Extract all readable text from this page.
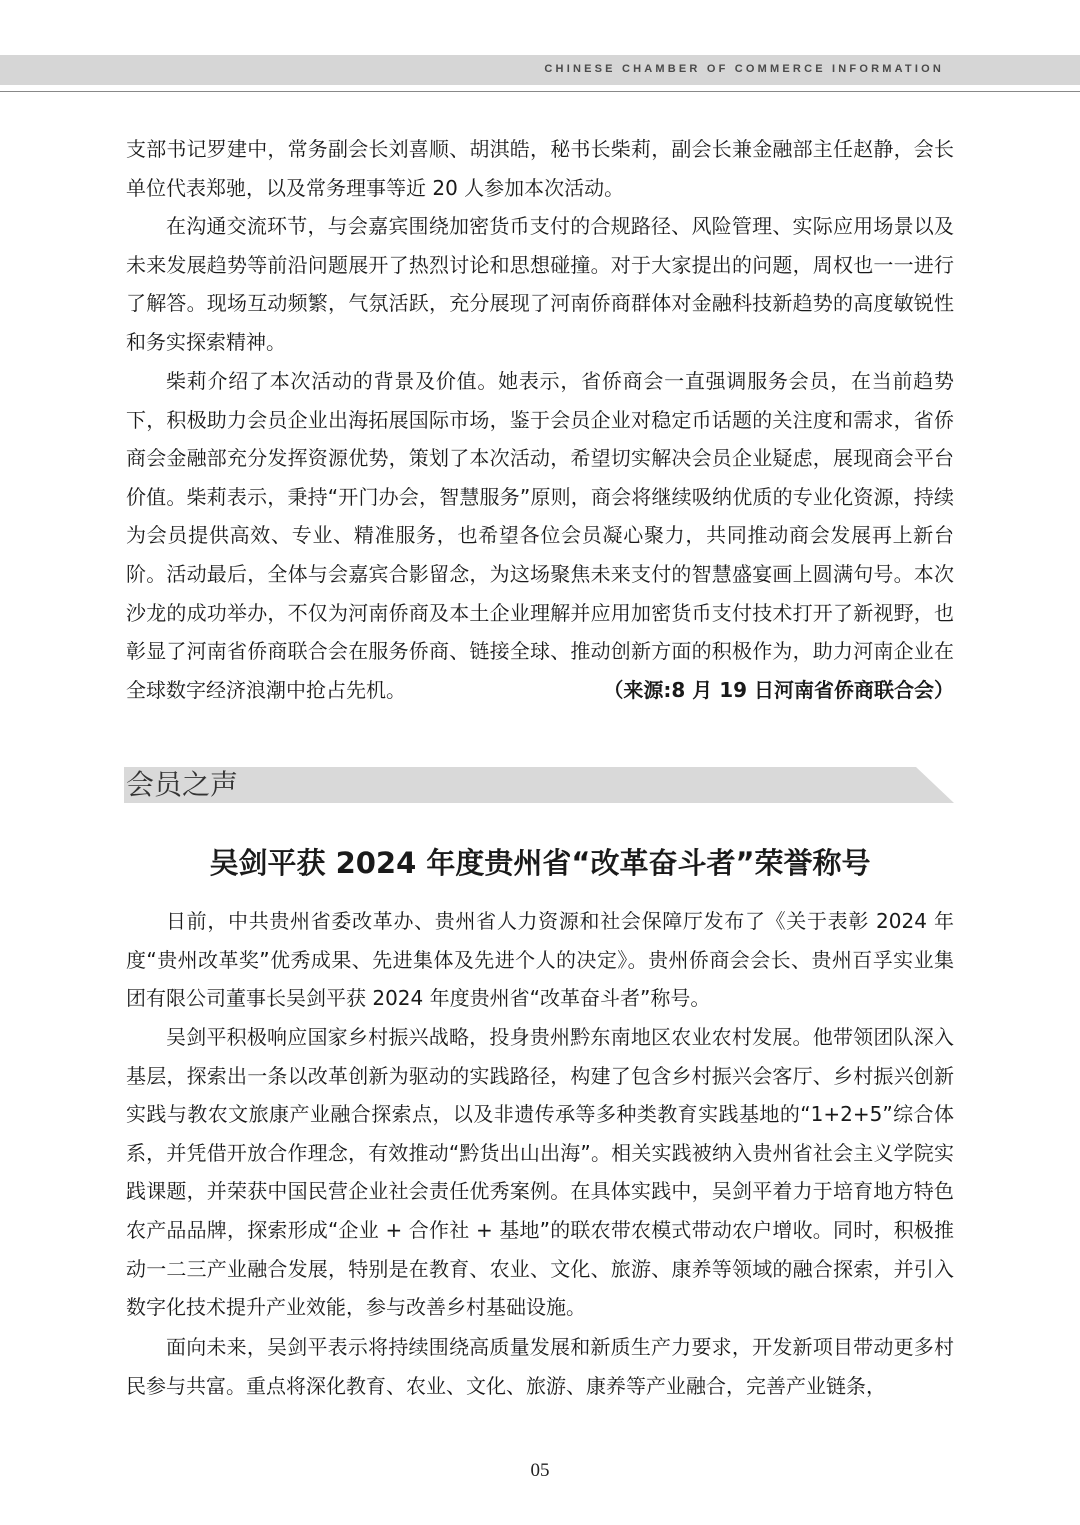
CHINESE CHAMBER OF COMMERCE INFORMATION

支部书记罗建中，常务副会长刘喜顺、胡淇皓，秘书长柴莉，副会长兼金融部主任赵静，会长单位代表郑驰，以及常务理事等近 20 人参加本次活动。

在沟通交流环节，与会嘉宾围绕加密货币支付的合规路径、风险管理、实际应用场景以及未来发展趋势等前沿问题展开了热烈讨论和思想碰撞。对于大家提出的问题，周权也一一进行了解答。现场互动频繁，气氛活跃，充分展现了河南侨商群体对金融科技新趋势的高度敏锐性和务实探索精神。

柴莉介绍了本次活动的背景及价值。她表示，省侨商会一直强调服务会员，在当前趋势下，积极助力会员企业出海拓展国际市场，鉴于会员企业对稳定币话题的关注度和需求，省侨商会金融部充分发挥资源优势，策划了本次活动，希望切实解决会员企业疑虑，展现商会平台价值。柴莉表示，秉持“开门办会，智慧服务”原则，商会将继续吸纳优质的专业化资源，持续为会员提供高效、专业、精准服务，也希望各位会员凝心聚力，共同推动商会发展再上新台阶。活动最后，全体与会嘉宾合影留念，为这场聚焦未来支付的智慧盛宴画上圆满句号。本次沙龙的成功举办，不仅为河南侨商及本土企业理解并应用加密货币支付技术打开了新视野，也彰显了河南省侨商联合会在服务侨商、链接全球、推动创新方面的积极作为，助力河南企业在全球数字经济浪潮中抢占先机。	（来源:8 月 19 日河南省侨商联合会）

会员之声
吴剑平获 2024 年度贵州省“改革奋斗者”荣誉称号

日前，中共贵州省委改革办、贵州省人力资源和社会保障厅发布了《关于表彰 2024 年度“贵州改革奖”优秀成果、先进集体及先进个人的决定》。贵州侨商会会长、贵州百孚实业集团有限公司董事长吴剑平获 2024 年度贵州省“改革奋斗者”称号。

吴剑平积极响应国家乡村振兴战略，投身贵州黔东南地区农业农村发展。他带领团队深入基层，探索出一条以改革创新为驱动的实践路径，构建了包含乡村振兴会客厅、乡村振兴创新实践与教农文旅康产业融合探索点，以及非遗传承等多种类教育实践基地的“1+2+5”综合体系，并凭借开放合作理念，有效推动“黔货出山出海”。相关实践被纳入贵州省社会主义学院实践课题，并荣获中国民营企业社会责任优秀案例。在具体实践中，吴剑平着力于培育地方特色农产品品牌，探索形成“企业 + 合作社 + 基地”的联农带农模式带动农户增收。同时，积极推动一二三产业融合发展，特别是在教育、农业、文化、旅游、康养等领域的融合探索，并引入数字化技术提升产业效能，参与改善乡村基础设施。

面向未来，吴剑平表示将持续围绕高质量发展和新质生产力要求，开发新项目带动更多村民参与共富。重点将深化教育、农业、文化、旅游、康养等产业融合，完善产业链条，

05
